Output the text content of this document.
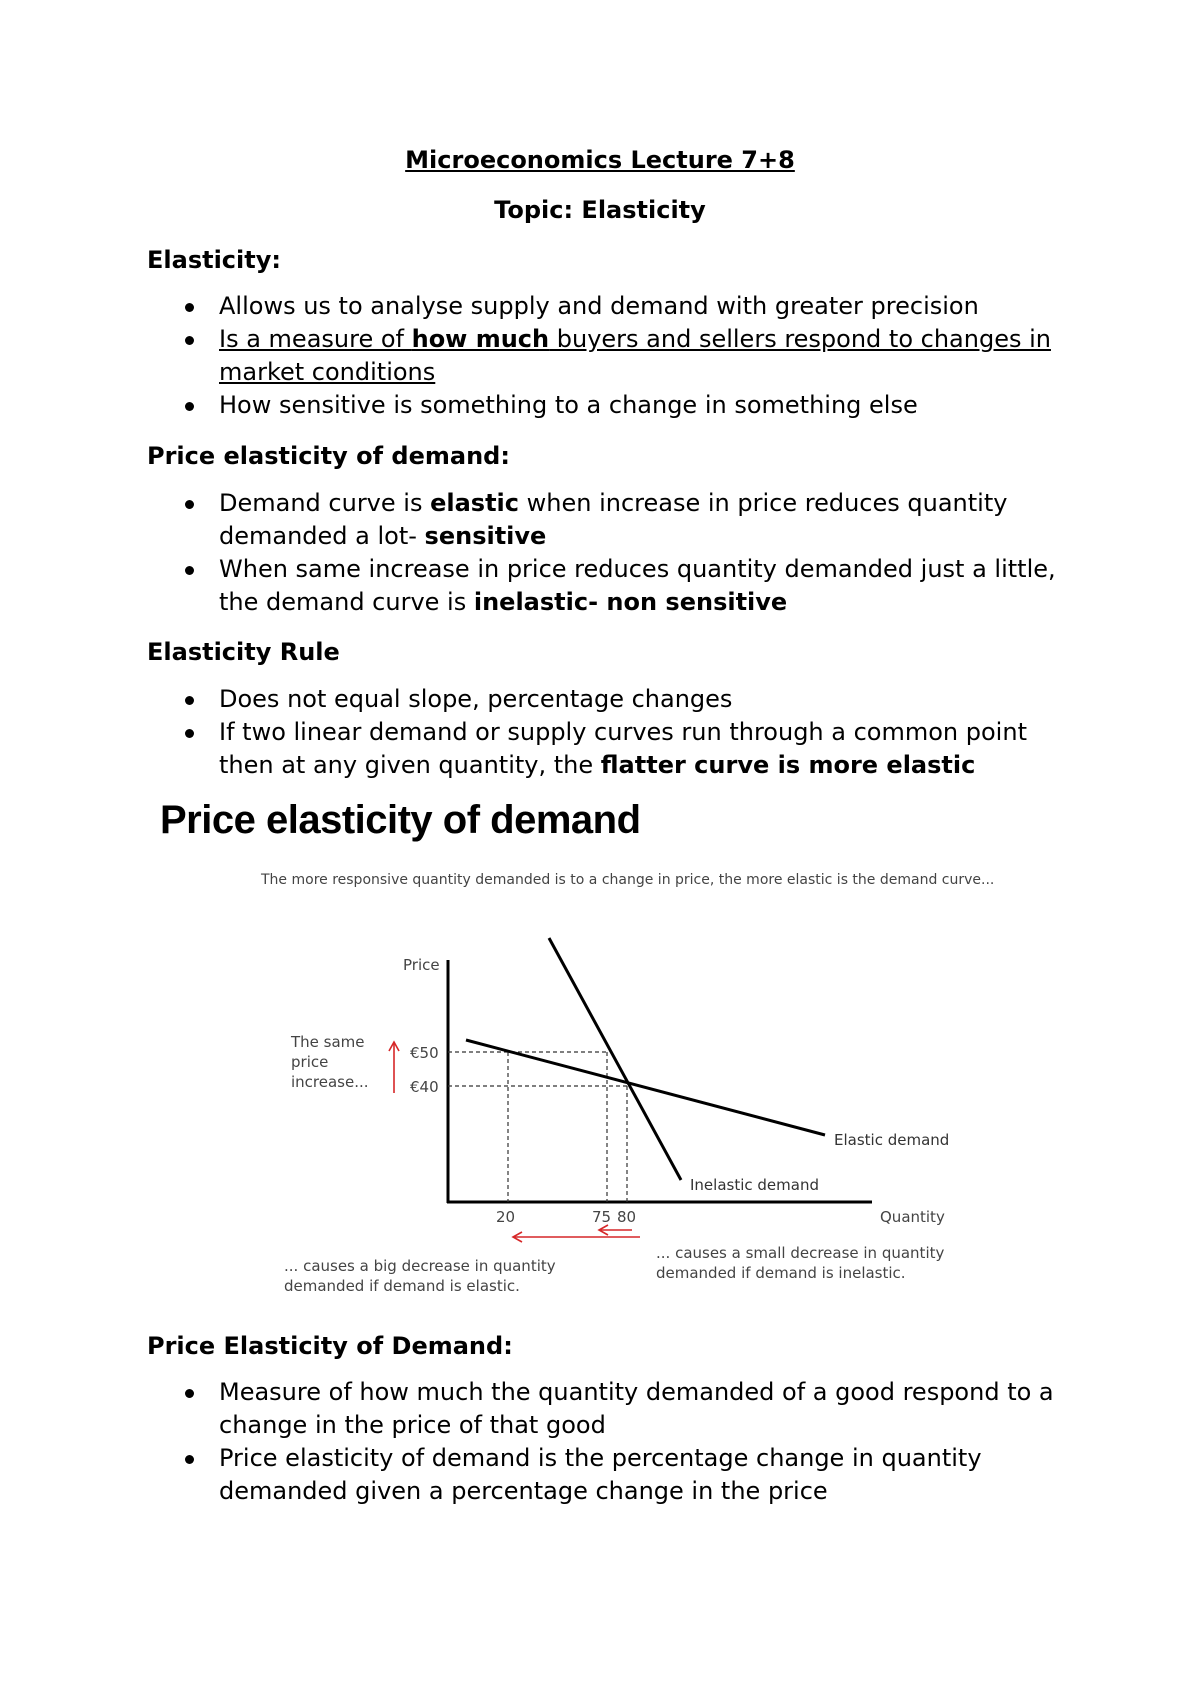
Microeconomics Lecture 7+8
Topic: Elasticity
Elasticity:
Allows us to analyse supply and demand with greater precision
Is a measure of how much buyers and sellers respond to changes in market conditions
How sensitive is something to a change in something else
Price elasticity of demand:
Demand curve is elastic when increase in price reduces quantity demanded a lot- sensitive
When same increase in price reduces quantity demanded just a little, the demand curve is inelastic- non sensitive
Elasticity Rule
Does not equal slope, percentage changes
If two linear demand or supply curves run through a common point then at any given quantity, the flatter curve is more elastic
Price elasticity of demand
The more responsive quantity demanded is to a change in price, the more elastic is the demand curve...
Price
Quantity
Elastic demand
Inelastic demand
€50
€40
20	75 80
The same
price
increase...
... causes a big decrease in quantity
demanded if demand is elastic.
... causes a small decrease in quantity
demanded if demand is inelastic.
Price Elasticity of Demand:
Measure of how much the quantity demanded of a good respond to a change in the price of that good
Price elasticity of demand is the percentage change in quantity demanded given a percentage change in the price
